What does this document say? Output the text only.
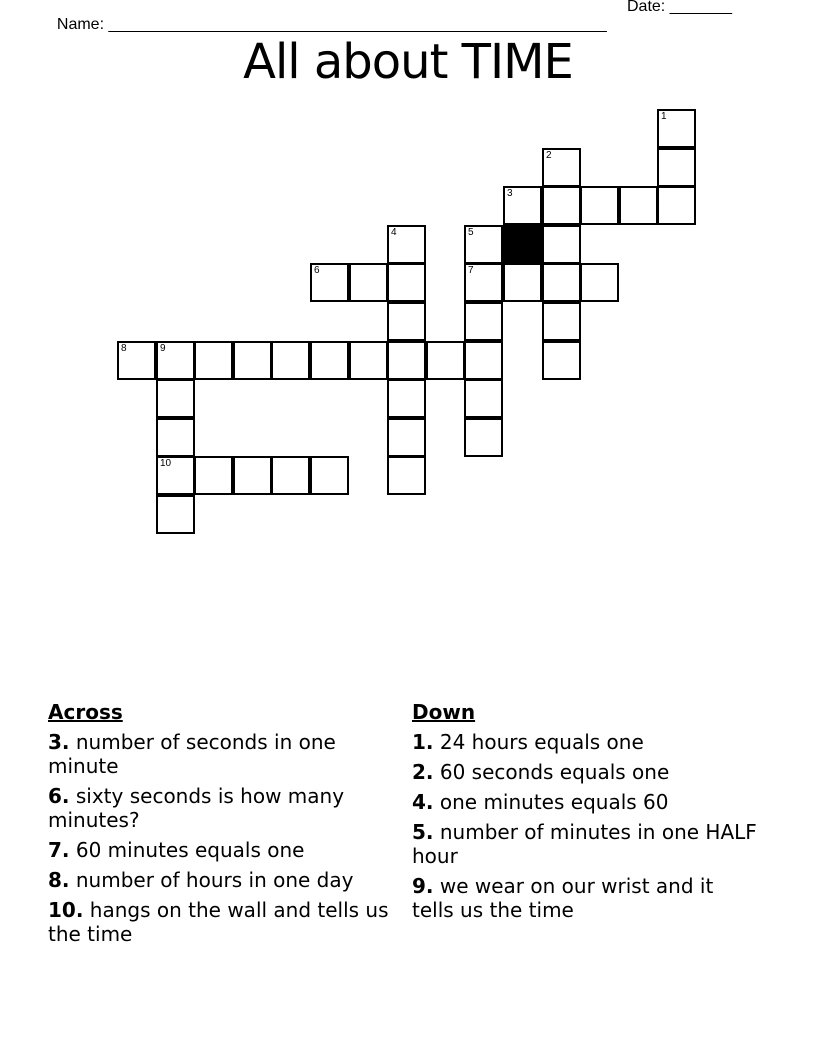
Name: ________________________________________________________

Date: _______

All about TIME
1
2
3
4	5
6	7
8	9
10
Across
3. number of seconds in one minute
6. sixty seconds is how many minutes?
7. 60 minutes equals one
8. number of hours in one day
10. hangs on the wall and tells us the time
Down
1. 24 hours equals one
2. 60 seconds equals one
4. one minutes equals 60
5. number of minutes in one HALF hour
9. we wear on our wrist and it tells us the time
